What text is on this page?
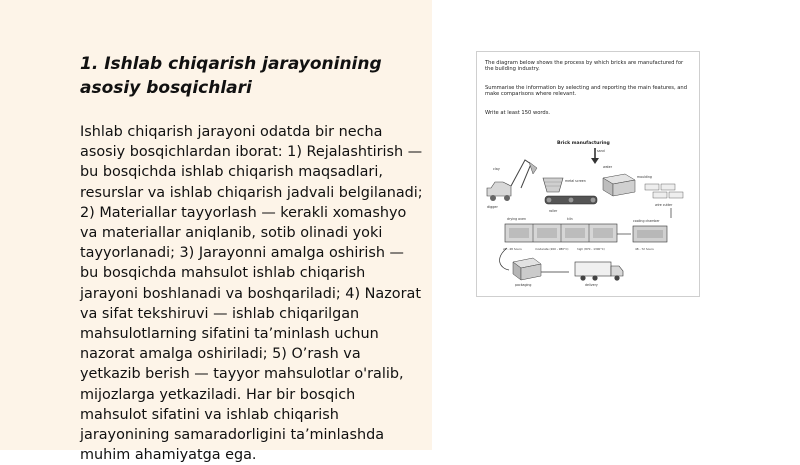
1. Ishlab chiqarish jarayonining asosiy bosqichlari

Ishlab chiqarish jarayoni odatda bir necha asosiy bosqichlardan iborat: 1) Rejalashtirish — bu bosqichda ishlab chiqarish maqsadlari, resurslar va ishlab chiqarish jadvali belgilanadi; 2) Materiallar tayyorlash — kerakli xomashyo va materiallar aniqlanib, sotib olinadi yoki tayyorlanadi; 3) Jarayonni amalga oshirish — bu bosqichda mahsulot ishlab chiqarish jarayoni boshlanadi va boshqariladi; 4) Nazorat va sifat tekshiruvi — ishlab chiqarilgan mahsulotlarning sifatini ta’minlash uchun nazorat amalga oshiriladi; 5) O’rash va yetkazib berish — tayyor mahsulotlar o'ralib, mijozlarga yetkaziladi. Har bir bosqich mahsulot sifatini va ishlab chiqarish jarayonining samaradorligini ta’minlashda muhim ahamiyatga ega.

The diagram below shows the process by which bricks are manufactured for the building industry.

Summarise the information by selecting and reporting the main features, and make comparisons where relevant.

Write at least 150 words.

Brick manufacturing
clay
digger
metal screen
roller
sand
water
moulding
wire cutter
drying oven	kiln
24 - 48 hours	moderate (200 - 980°C)	high (870 - 1300°C)
cooling chamber
48 - 72 hours
packaging	delivery
